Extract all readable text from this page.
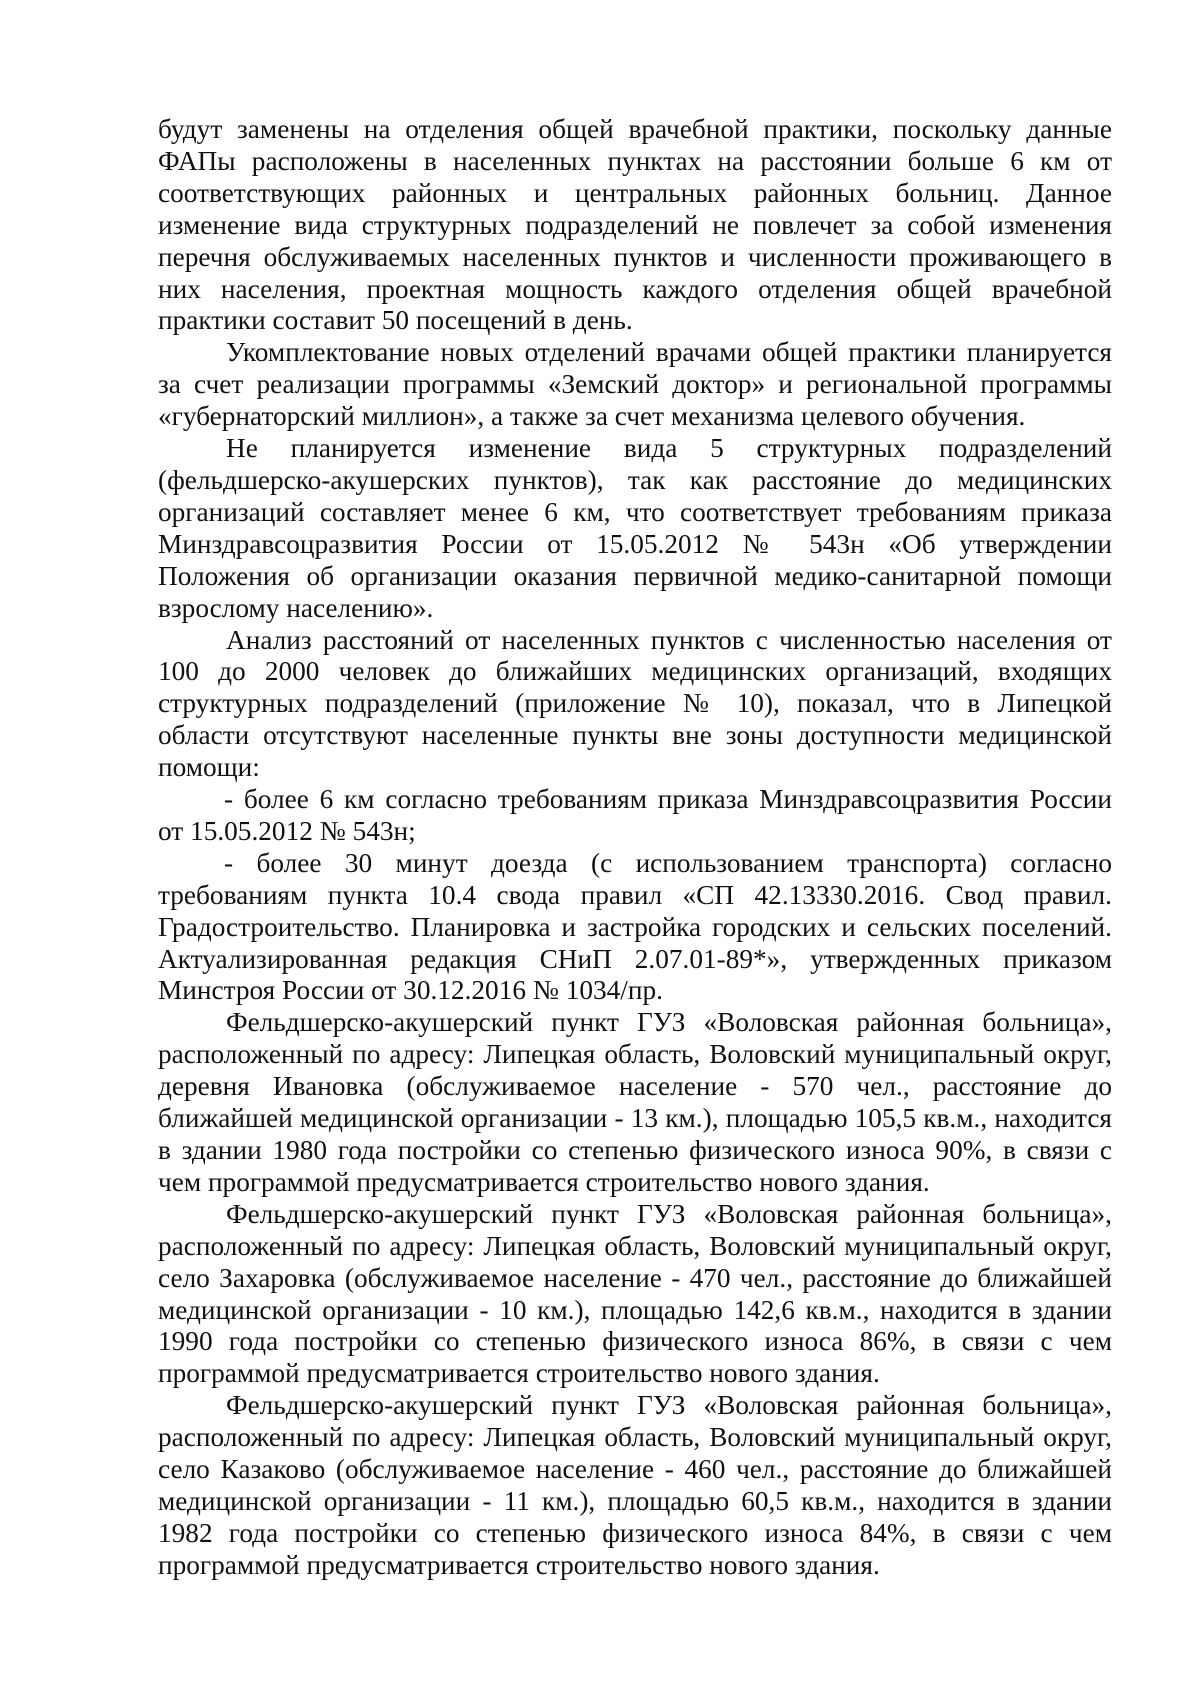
будут заменены на отделения общей врачебной практики, поскольку данные ФАПы расположены в населенных пунктах на расстоянии больше 6 км от соответствующих районных и центральных районных больниц. Данное изменение вида структурных подразделений не повлечет за собой изменения перечня обслуживаемых населенных пунктов и численности проживающего в них населения, проектная мощность каждого отделения общей врачебной практики составит 50 посещений в день.

Укомплектование новых отделений врачами общей практики планируется за счет реализации программы «Земский доктор» и региональной программы «губернаторский миллион», а также за счет механизма целевого обучения.

Не планируется изменение вида 5 структурных подразделений (фельдшерско-акушерских пунктов), так как расстояние до медицинских организаций составляет менее 6 км, что соответствует требованиям приказа Минздравсоцразвития России от 15.05.2012 № 543н «Об утверждении Положения об организации оказания первичной медико-санитарной помощи взрослому населению».

Анализ расстояний от населенных пунктов с численностью населения от 100 до 2000 человек до ближайших медицинских организаций, входящих структурных подразделений (приложение № 10), показал, что в Липецкой области отсутствуют населенные пункты вне зоны доступности медицинской помощи:

- более 6 км согласно требованиям приказа Минздравсоцразвития России от 15.05.2012 № 543н;

- более 30 минут доезда (с использованием транспорта) согласно требованиям пункта 10.4 свода правил «СП 42.13330.2016. Свод правил. Градостроительство. Планировка и застройка городских и сельских поселений. Актуализированная редакция СНиП 2.07.01-89*», утвержденных приказом Минстроя России от 30.12.2016 № 1034/пр.

Фельдшерско-акушерский пункт ГУЗ «Воловская районная больница», расположенный по адресу: Липецкая область, Воловский муниципальный округ, деревня Ивановка (обслуживаемое население - 570 чел., расстояние до ближайшей медицинской организации - 13 км.), площадью 105,5 кв.м., находится в здании 1980 года постройки со степенью физического износа 90%, в связи с чем программой предусматривается строительство нового здания.

Фельдшерско-акушерский пункт ГУЗ «Воловская районная больница», расположенный по адресу: Липецкая область, Воловский муниципальный округ, село Захаровка (обслуживаемое население - 470 чел., расстояние до ближайшей медицинской организации - 10 км.), площадью 142,6 кв.м., находится в здании 1990 года постройки со степенью физического износа 86%, в связи с чем программой предусматривается строительство нового здания.

Фельдшерско-акушерский пункт ГУЗ «Воловская районная больница», расположенный по адресу: Липецкая область, Воловский муниципальный округ, село Казаково (обслуживаемое население - 460 чел., расстояние до ближайшей медицинской организации - 11 км.), площадью 60,5 кв.м., находится в здании 1982 года постройки со степенью физического износа 84%, в связи с чем программой предусматривается строительство нового здания.
